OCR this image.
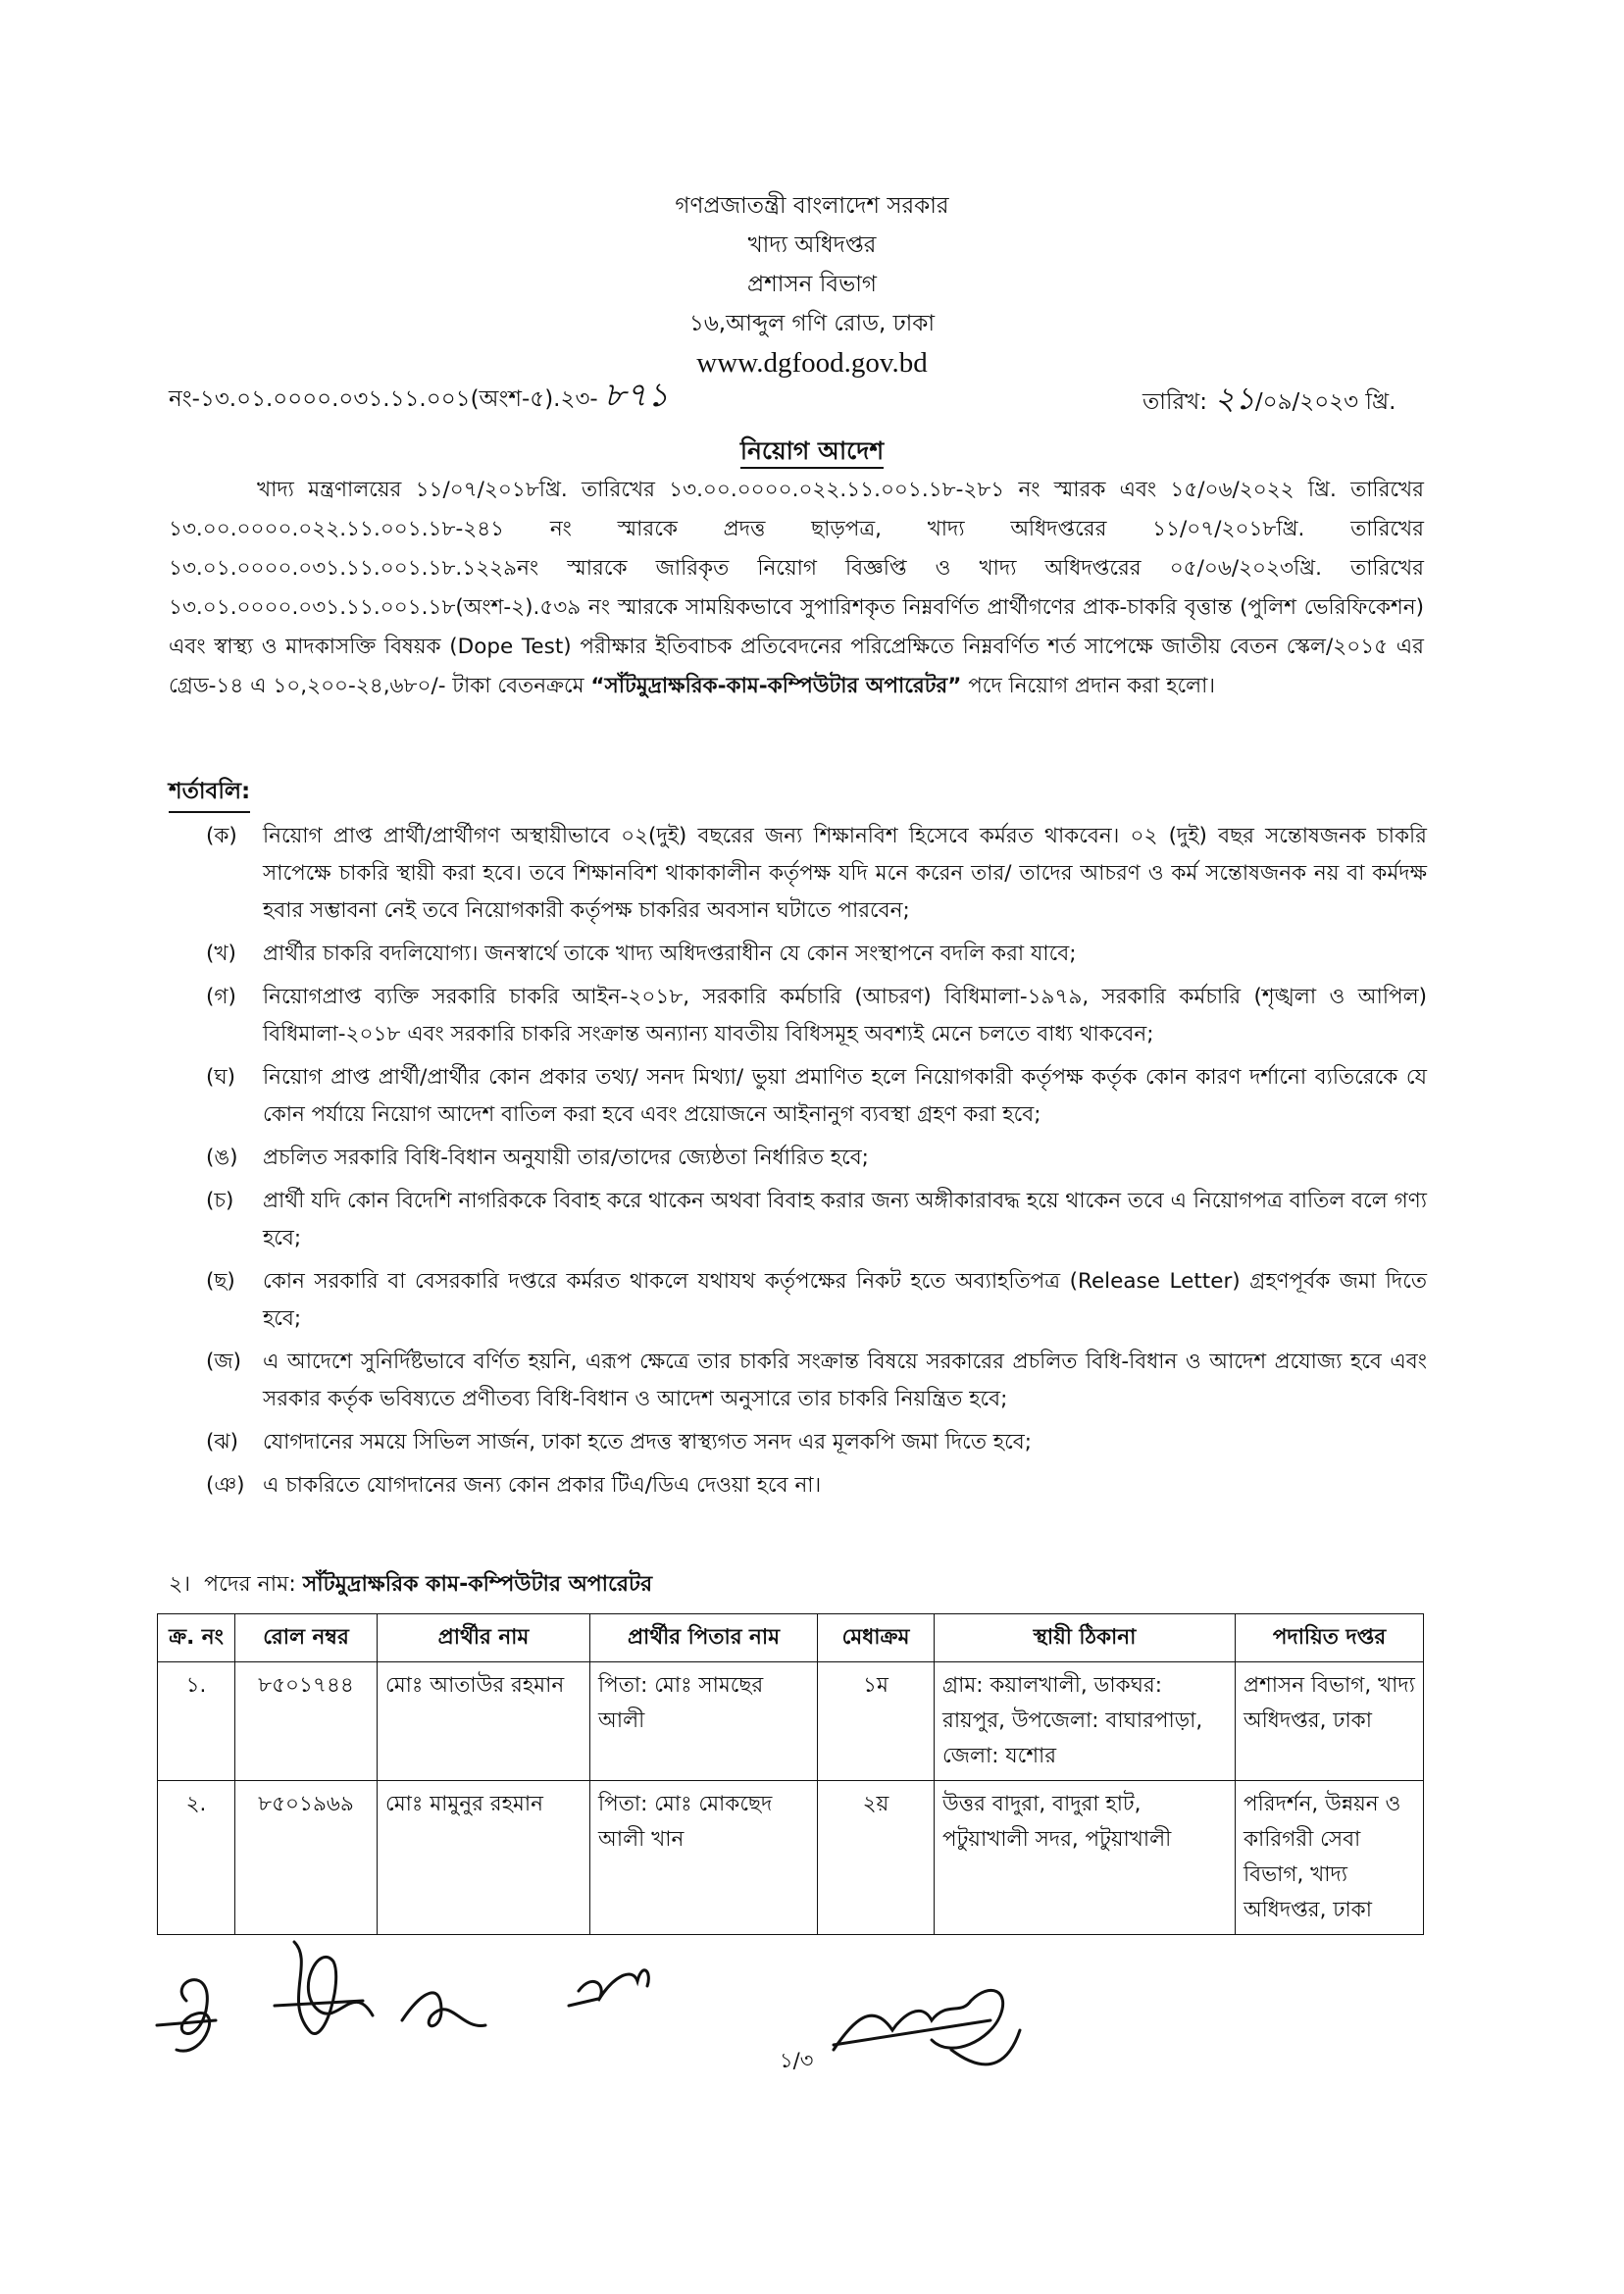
গণপ্রজাতন্ত্রী বাংলাদেশ সরকার
খাদ্য অধিদপ্তর
প্রশাসন বিভাগ
১৬,আব্দুল গণি রোড, ঢাকা
www.dgfood.gov.bd
নং-১৩.০১.০০০০.০৩১.১১.০০১(অংশ-৫).২৩- ৮৭১	তারিখ: ২১/০৯/২০২৩ খ্রি.
নিয়োগ আদেশ
খাদ্য মন্ত্রণালয়ের ১১/০৭/২০১৮খ্রি. তারিখের ১৩.০০.০০০০.০২২.১১.০০১.১৮-২৮১ নং স্মারক এবং ১৫/০৬/২০২২ খ্রি. তারিখের ১৩.০০.০০০০.০২২.১১.০০১.১৮-২৪১ নং স্মারকে প্রদত্ত ছাড়পত্র, খাদ্য অধিদপ্তরের ১১/০৭/২০১৮খ্রি. তারিখের ১৩.০১.০০০০.০৩১.১১.০০১.১৮.১২২৯নং স্মারকে জারিকৃত নিয়োগ বিজ্ঞপ্তি ও খাদ্য অধিদপ্তরের ০৫/০৬/২০২৩খ্রি. তারিখের ১৩.০১.০০০০.০৩১.১১.০০১.১৮(অংশ-২).৫৩৯ নং স্মারকে সাময়িকভাবে সুপারিশকৃত নিম্নবর্ণিত প্রার্থীগণের প্রাক-চাকরি বৃত্তান্ত (পুলিশ ভেরিফিকেশন) এবং স্বাস্থ্য ও মাদকাসক্তি বিষয়ক (Dope Test) পরীক্ষার ইতিবাচক প্রতিবেদনের পরিপ্রেক্ষিতে নিম্নবর্ণিত শর্ত সাপেক্ষে জাতীয় বেতন স্কেল/২০১৫ এর গ্রেড-১৪ এ ১০,২০০-২৪,৬৮০/- টাকা বেতনক্রমে “সাঁটমুদ্রাক্ষরিক-কাম-কম্পিউটার অপারেটর” পদে নিয়োগ প্রদান করা হলো।
শর্তাবলি:
(ক)	নিয়োগ প্রাপ্ত প্রার্থী/প্রার্থীগণ অস্থায়ীভাবে ০২(দুই) বছরের জন্য শিক্ষানবিশ হিসেবে কর্মরত থাকবেন। ০২ (দুই) বছর সন্তোষজনক চাকরি সাপেক্ষে চাকরি স্থায়ী করা হবে। তবে শিক্ষানবিশ থাকাকালীন কর্তৃপক্ষ যদি মনে করেন তার/ তাদের আচরণ ও কর্ম সন্তোষজনক নয় বা কর্মদক্ষ হবার সম্ভাবনা নেই তবে নিয়োগকারী কর্তৃপক্ষ চাকরির অবসান ঘটাতে পারবেন;
(খ)	প্রার্থীর চাকরি বদলিযোগ্য। জনস্বার্থে তাকে খাদ্য অধিদপ্তরাধীন যে কোন সংস্থাপনে বদলি করা যাবে;
(গ)	নিয়োগপ্রাপ্ত ব্যক্তি সরকারি চাকরি আইন-২০১৮, সরকারি কর্মচারি (আচরণ) বিধিমালা-১৯৭৯, সরকারি কর্মচারি (শৃঙ্খলা ও আপিল) বিধিমালা-২০১৮ এবং সরকারি চাকরি সংক্রান্ত অন্যান্য যাবতীয় বিধিসমূহ অবশ্যই মেনে চলতে বাধ্য থাকবেন;
(ঘ)	নিয়োগ প্রাপ্ত প্রার্থী/প্রার্থীর কোন প্রকার তথ্য/ সনদ মিথ্যা/ ভুয়া প্রমাণিত হলে নিয়োগকারী কর্তৃপক্ষ কর্তৃক কোন কারণ দর্শানো ব্যতিরেকে যে কোন পর্যায়ে নিয়োগ আদেশ বাতিল করা হবে এবং প্রয়োজনে আইনানুগ ব্যবস্থা গ্রহণ করা হবে;
(ঙ)	প্রচলিত সরকারি বিধি-বিধান অনুযায়ী তার/তাদের জ্যেষ্ঠতা নির্ধারিত হবে;
(চ)	প্রার্থী যদি কোন বিদেশি নাগরিককে বিবাহ করে থাকেন অথবা বিবাহ করার জন্য অঙ্গীকারাবদ্ধ হয়ে থাকেন তবে এ নিয়োগপত্র বাতিল বলে গণ্য হবে;
(ছ)	কোন সরকারি বা বেসরকারি দপ্তরে কর্মরত থাকলে যথাযথ কর্তৃপক্ষের নিকট হতে অব্যাহতিপত্র (Release Letter) গ্রহণপূর্বক জমা দিতে হবে;
(জ)	এ আদেশে সুনির্দিষ্টভাবে বর্ণিত হয়নি, এরূপ ক্ষেত্রে তার চাকরি সংক্রান্ত বিষয়ে সরকারের প্রচলিত বিধি-বিধান ও আদেশ প্রযোজ্য হবে এবং সরকার কর্তৃক ভবিষ্যতে প্রণীতব্য বিধি-বিধান ও আদেশ অনুসারে তার চাকরি নিয়ন্ত্রিত হবে;
(ঝ)	যোগদানের সময়ে সিভিল সার্জন, ঢাকা হতে প্রদত্ত স্বাস্থ্যগত সনদ এর মূলকপি জমা দিতে হবে;
(ঞ) এ চাকরিতে যোগদানের জন্য কোন প্রকার টিএ/ডিএ দেওয়া হবে না।
২। পদের নাম: সাঁটমুদ্রাক্ষরিক কাম-কম্পিউটার অপারেটর
ক্র. নং	রোল নম্বর	প্রার্থীর নাম	প্রার্থীর পিতার নাম	মেধাক্রম	স্থায়ী ঠিকানা	পদায়িত দপ্তর
১.	৮৫০১৭৪৪	মোঃ আতাউর রহমান	পিতা: মোঃ সামছের আলী	১ম	গ্রাম: কয়ালখালী, ডাকঘর: রায়পুর, উপজেলা: বাঘারপাড়া, জেলা: যশোর	প্রশাসন বিভাগ, খাদ্য অধিদপ্তর, ঢাকা
২.	৮৫০১৯৬৯	মোঃ মামুনুর রহমান	পিতা: মোঃ মোকছেদ আলী খান	২য়	উত্তর বাদুরা, বাদুরা হাট, পটুয়াখালী সদর, পটুয়াখালী	পরিদর্শন, উন্নয়ন ও কারিগরী সেবা বিভাগ, খাদ্য অধিদপ্তর, ঢাকা
১/৩
